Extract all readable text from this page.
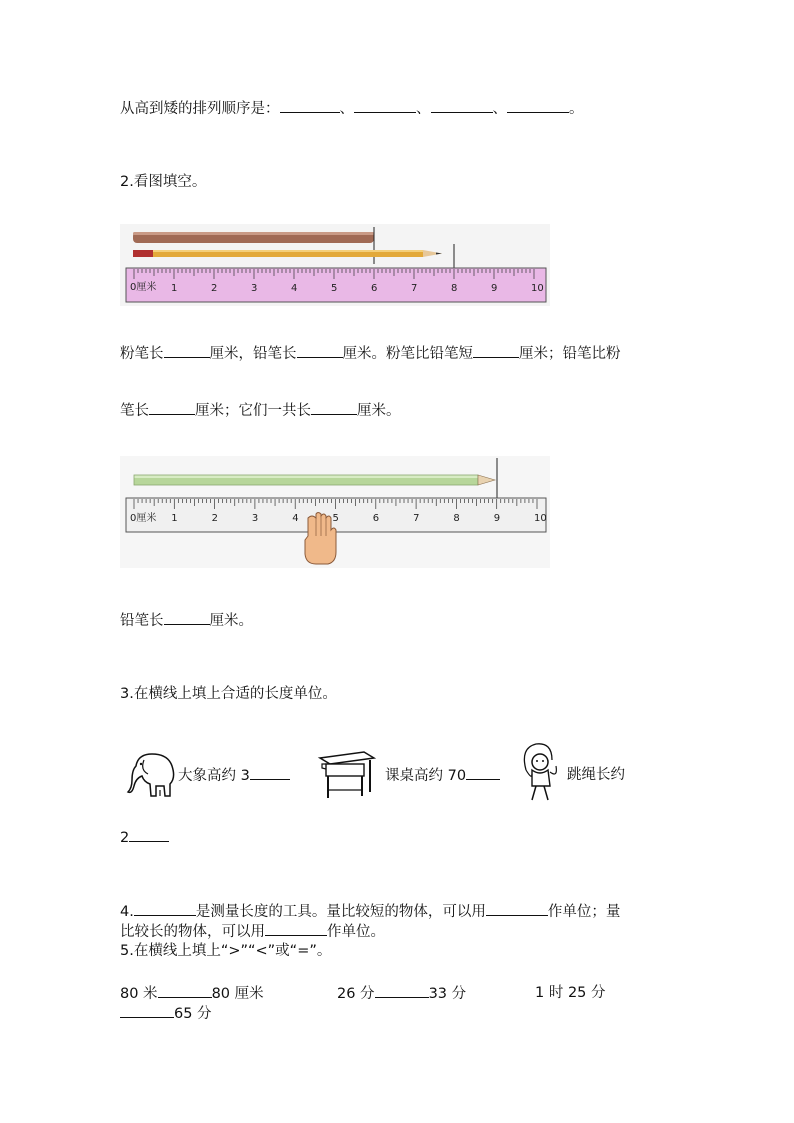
从高到矮的排列顺序是：	、	、	、	。
2.看图填空。
0厘米 1	2	3	4	5	6	7	8	9	10
粉笔长	厘米，铅笔长	厘米。粉笔比铅笔短	厘米；铅笔比粉
笔长	厘米；它们一共长	厘米。
0厘米 1	2	3	4	5	6	7	8	9	10
铅笔长	厘米。
3.在横线上填上合适的长度单位。
大象高约 3	课桌高约 70	跳绳长约
2
4.	是测量长度的工具。量比较短的物体，可以用	作单位；量
比较长的物体，可以用	作单位。
5.在横线上填上“>”“<”或“=”。
80 米	80 厘米	26 分	33 分	1 时 25 分
65 分
